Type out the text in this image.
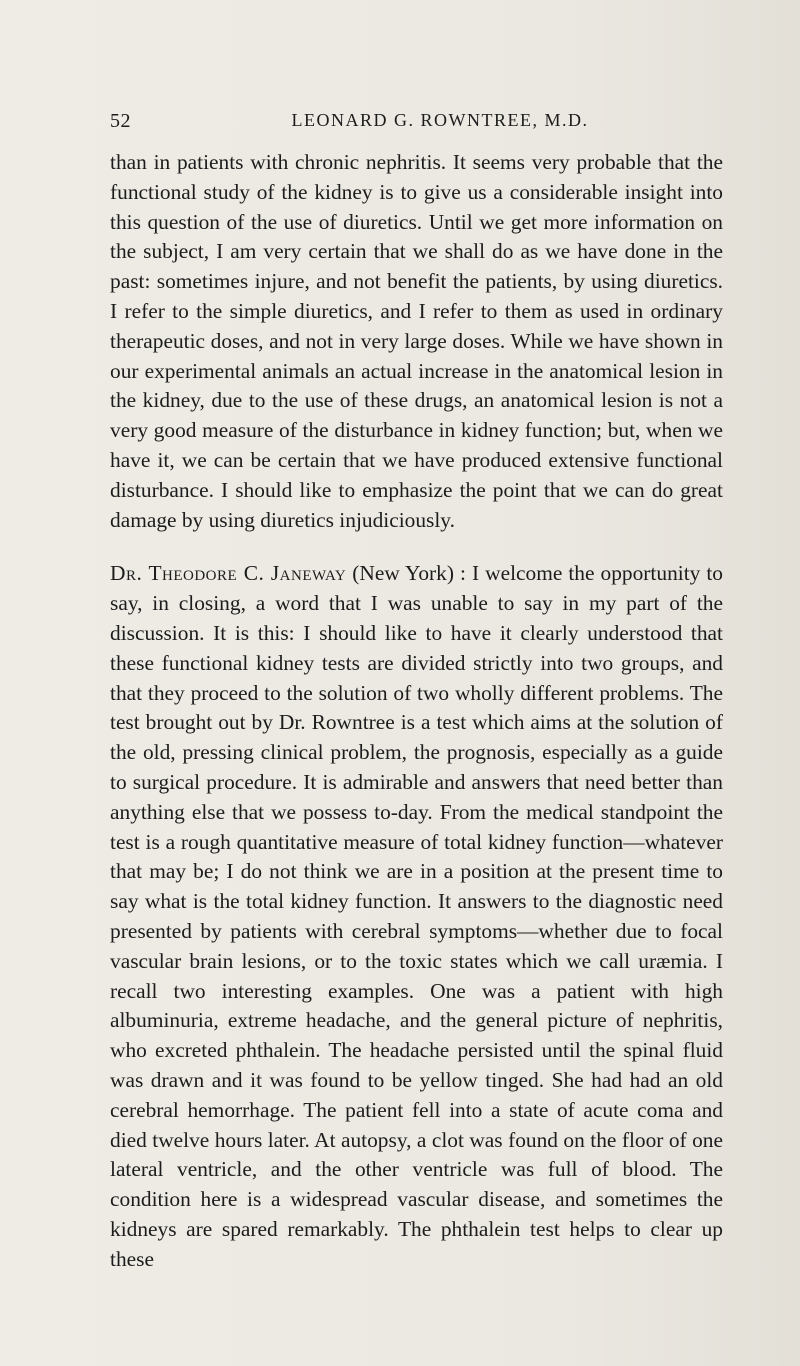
52	LEONARD G. ROWNTREE, M.D.

than in patients with chronic nephritis. It seems very probable that the functional study of the kidney is to give us a considerable insight into this question of the use of diuretics. Until we get more information on the subject, I am very certain that we shall do as we have done in the past: sometimes injure, and not benefit the patients, by using diuretics. I refer to the simple diuretics, and I refer to them as used in ordinary therapeutic doses, and not in very large doses. While we have shown in our experimental animals an actual increase in the anatomical lesion in the kidney, due to the use of these drugs, an anatomical lesion is not a very good measure of the disturbance in kidney function; but, when we have it, we can be certain that we have produced extensive functional disturbance. I should like to emphasize the point that we can do great damage by using diuretics injudiciously.

Dr. Theodore C. Janeway (New York) : I welcome the opportunity to say, in closing, a word that I was unable to say in my part of the discussion. It is this: I should like to have it clearly understood that these functional kidney tests are divided strictly into two groups, and that they proceed to the solution of two wholly different problems. The test brought out by Dr. Rowntree is a test which aims at the solution of the old, pressing clinical problem, the prognosis, especially as a guide to surgical procedure. It is admirable and answers that need better than anything else that we possess to-day. From the medical standpoint the test is a rough quantitative measure of total kidney function—whatever that may be; I do not think we are in a position at the present time to say what is the total kidney function. It answers to the diagnostic need presented by patients with cerebral symptoms—whether due to focal vascular brain lesions, or to the toxic states which we call uræmia. I recall two interesting examples. One was a patient with high albuminuria, extreme headache, and the general picture of nephritis, who excreted phthalein. The headache persisted until the spinal fluid was drawn and it was found to be yellow tinged. She had had an old cerebral hemorrhage. The patient fell into a state of acute coma and died twelve hours later. At autopsy, a clot was found on the floor of one lateral ventricle, and the other ventricle was full of blood. The condition here is a widespread vascular disease, and sometimes the kidneys are spared remarkably. The phthalein test helps to clear up these
